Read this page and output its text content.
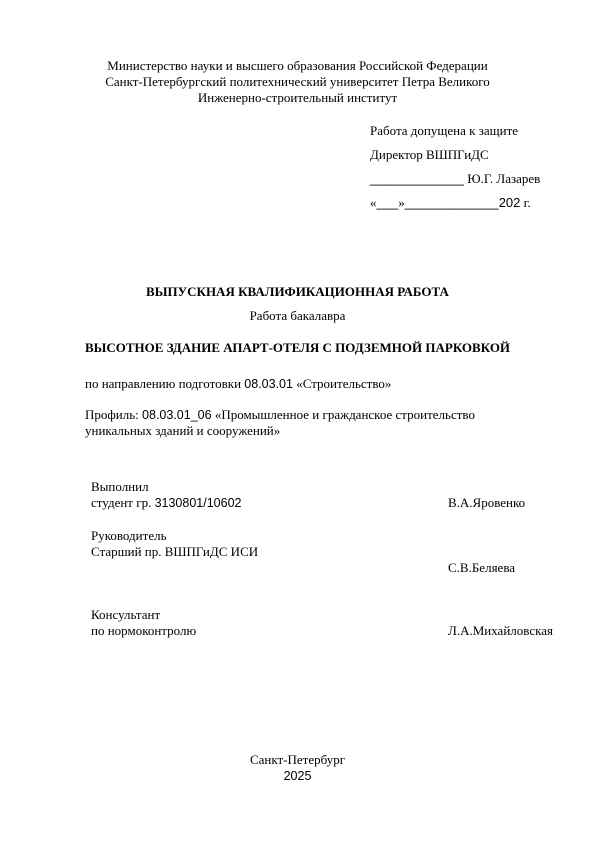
Министерство науки и высшего образования Российской Федерации
Санкт-Петербургский политехнический университет Петра Великого
Инженерно-строительный институт
Работа допущена к защите
Директор ВШПГиДС
_____________ Ю.Г. Лазарев
«___»_____________202 г.
ВЫПУСКНАЯ КВАЛИФИКАЦИОННАЯ РАБОТА
Работа бакалавра
ВЫСОТНОЕ ЗДАНИЕ АПАРТ-ОТЕЛЯ С ПОДЗЕМНОЙ ПАРКОВКОЙ
по направлению подготовки 08.03.01 «Строительство»
Профиль: 08.03.01_06 «Промышленное и гражданское строительство
уникальных зданий и сооружений»
Выполнил
студент гр. 3130801/10602	В.А.Яровенко
Руководитель
Старший пр. ВШПГиДС ИСИ
С.В.Беляева
Консультант
по нормоконтролю	Л.А.Михайловская
Санкт-Петербург
2025
